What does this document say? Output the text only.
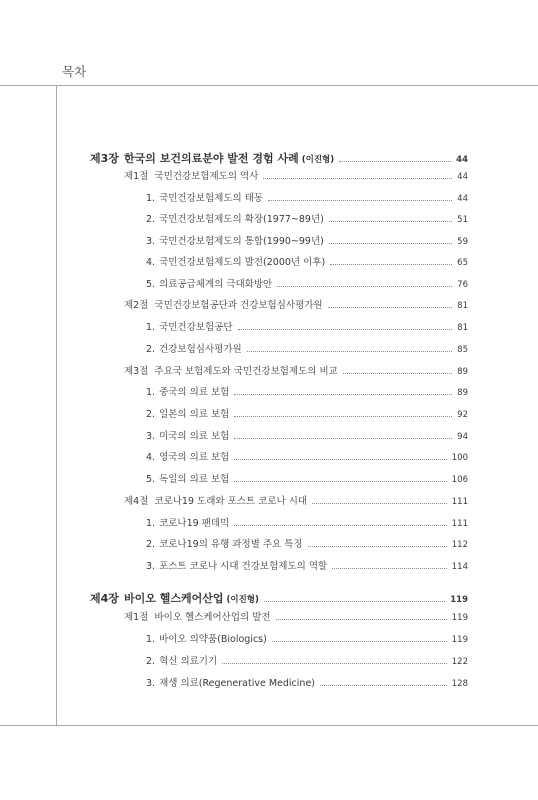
목차
제3장 한국의 보건의료분야 발전 경험 사례 (이진형)	44
제1절 국민건강보험제도의 역사	44
1. 국민건강보험제도의 태동	44
2. 국민건강보험제도의 확장(1977~89년)	51
3. 국민건강보험제도의 통합(1990~99년)	59
4. 국민건강보험제도의 발전(2000년 이후)	65
5. 의료공급체계의 극대화방안	76
제2절 국민건강보험공단과 건강보험심사평가원	81
1. 국민건강보험공단	81
2. 건강보험심사평가원	85
제3절 주요국 보험제도와 국민건강보험제도의 비교	89
1. 중국의 의료 보험	89
2. 일본의 의료 보험	92
3. 미국의 의료 보험	94
4. 영국의 의료 보험	100
5. 독일의 의료 보험	106
제4절 코로나19 도래와 포스트 코로나 시대	111
1. 코로나19 팬데믹	111
2. 코로나19의 유행 과정별 주요 특징	112
3. 포스트 코로나 시대 건강보험제도의 역할	114
제4장 바이오 헬스케어산업 (이진형)	119
제1절 바이오 헬스케어산업의 발전	119
1. 바이오 의약품(Biologics)	119
2. 혁신 의료기기	122
3. 재생 의료(Regenerative Medicine)	128
